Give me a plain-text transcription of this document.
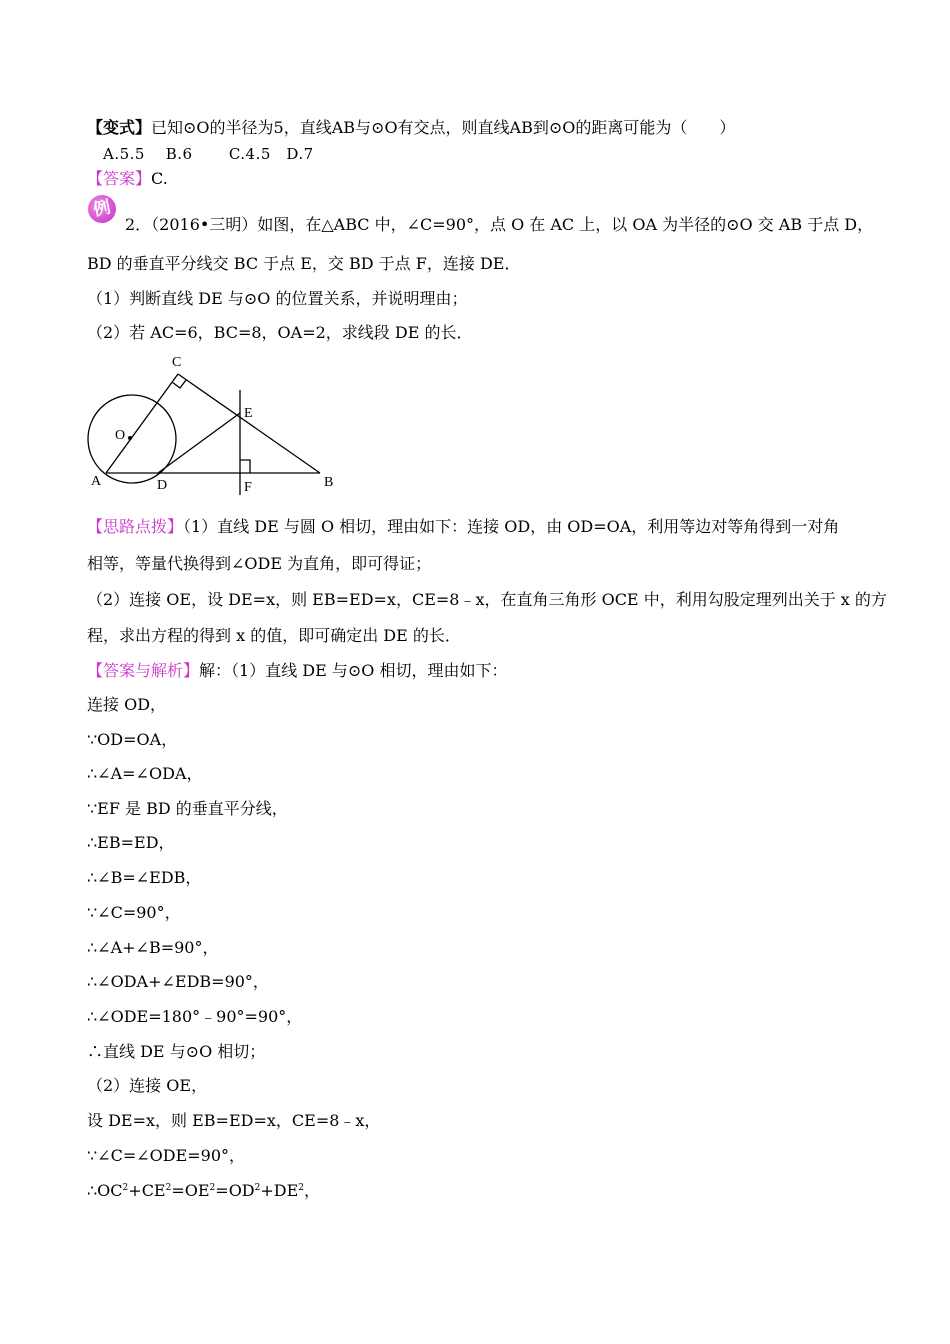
【变式】已知⊙O的半径为5，直线AB与⊙O有交点，则直线AB到⊙O的距离可能为（　　）
A.5.5　 B.6　　 C.4.5　D.7
【答案】C.
例
2．（2016•三明）如图，在△ABC 中，∠C=90°，点 O 在 AC 上，以 OA 为半径的⊙O 交 AB 于点 D，
BD 的垂直平分线交 BC 于点 E，交 BD 于点 F，连接 DE．
（1）判断直线 DE 与⊙O 的位置关系，并说明理由；
（2）若 AC=6，BC=8，OA=2，求线段 DE 的长．
C
E
O
A	D	F	B
【思路点拨】（1）直线 DE 与圆 O 相切，理由如下：连接 OD，由 OD=OA，利用等边对等角得到一对角
相等，等量代换得到∠ODE 为直角，即可得证；
（2）连接 OE，设 DE=x，则 EB=ED=x，CE=8﹣x，在直角三角形 OCE 中，利用勾股定理列出关于 x 的方
程，求出方程的得到 x 的值，即可确定出 DE 的长．
【答案与解析】解：（1）直线 DE 与⊙O 相切，理由如下：
连接 OD，
∵OD=OA，
∴∠A=∠ODA，
∵EF 是 BD 的垂直平分线，
∴EB=ED，
∴∠B=∠EDB，
∵∠C=90°，
∴∠A+∠B=90°，
∴∠ODA+∠EDB=90°，
∴∠ODE=180°﹣90°=90°，
∴直线 DE 与⊙O 相切；
（2）连接 OE，
设 DE=x，则 EB=ED=x，CE=8﹣x，
∵∠C=∠ODE=90°，
$\therefore OC^2+CE^2=OE^2=OD^2+DE^2$，
